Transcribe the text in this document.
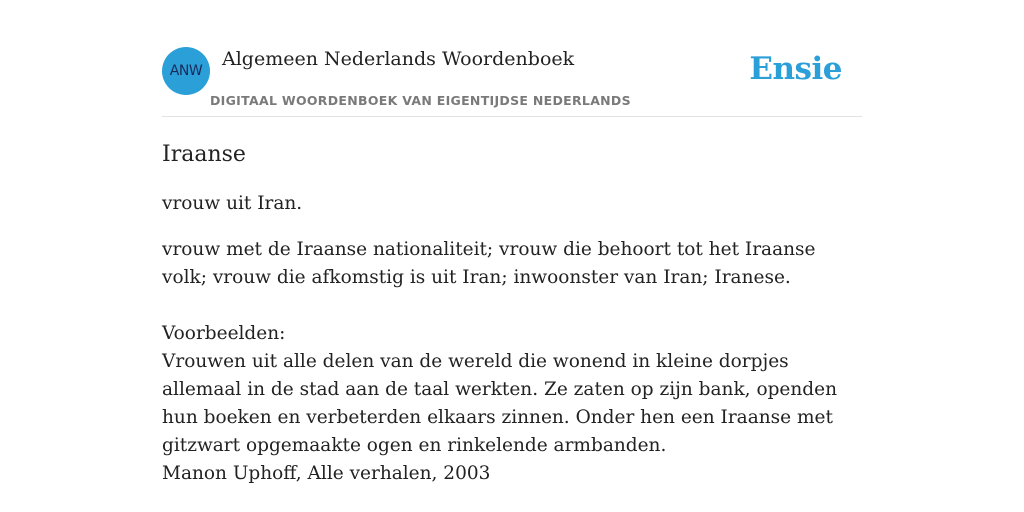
ANW
Algemeen Nederlands Woordenboek
DIGITAAL WOORDENBOEK VAN EIGENTIJDSE NEDERLANDS
Ensie
Iraanse

vrouw uit Iran.

vrouw met de Iraanse nationaliteit; vrouw die behoort tot het Iraanse volk; vrouw die afkomstig is uit Iran; inwoonster van Iran; Iranese.

Voorbeelden:

Vrouwen uit alle delen van de wereld die wonend in kleine dorpjes allemaal in de stad aan de taal werkten. Ze zaten op zijn bank, openden hun boeken en verbeterden elkaars zinnen. Onder hen een Iraanse met gitzwart opgemaakte ogen en rinkelende armbanden.

Manon Uphoff, Alle verhalen, 2003
